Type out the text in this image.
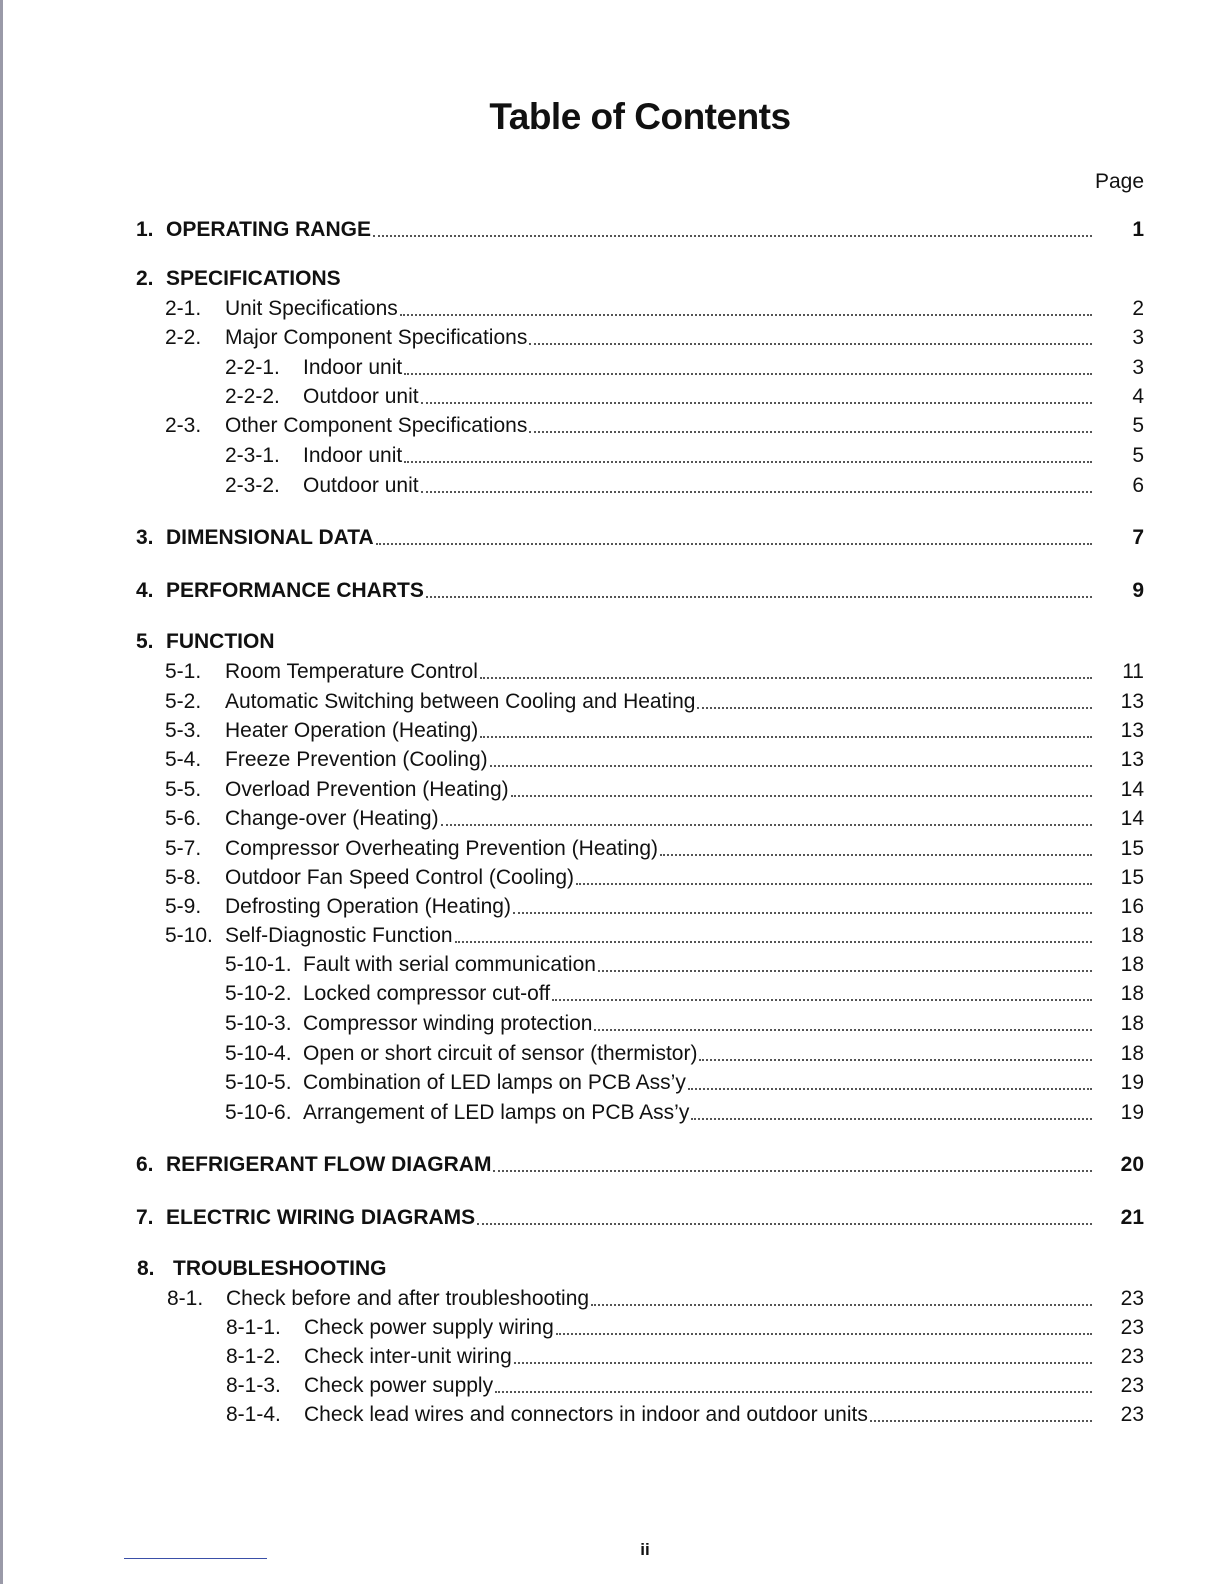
Table of Contents
Page
1. OPERATING RANGE	1
2. SPECIFICATIONS
2-1.	Unit Specifications	2
2-2.	Major Component Specifications	3
2-2-1.	Indoor unit	3
2-2-2.	Outdoor unit	4
2-3.	Other Component Specifications	5
2-3-1.	Indoor unit	5
2-3-2.	Outdoor unit	6
3. DIMENSIONAL DATA	7
4. PERFORMANCE CHARTS	9
5. FUNCTION
5-1.	Room Temperature Control	11
5-2.	Automatic Switching between Cooling and Heating	13
5-3.	Heater Operation (Heating)	13
5-4.	Freeze Prevention (Cooling)	13
5-5.	Overload Prevention (Heating)	14
5-6.	Change-over (Heating)	14
5-7.	Compressor Overheating Prevention (Heating)	15
5-8.	Outdoor Fan Speed Control (Cooling)	15
5-9.	Defrosting Operation (Heating)	16
5-10. Self-Diagnostic Function	18
5-10-1. Fault with serial communication	18
5-10-2. Locked compressor cut-off	18
5-10-3. Compressor winding protection	18
5-10-4. Open or short circuit of sensor (thermistor)	18
5-10-5. Combination of LED lamps on PCB Ass’y	19
5-10-6. Arrangement of LED lamps on PCB Ass’y	19
6. REFRIGERANT FLOW DIAGRAM	20
7. ELECTRIC WIRING DIAGRAMS	21
8. TROUBLESHOOTING
8-1.	Check before and after troubleshooting	23
8-1-1.	Check power supply wiring	23
8-1-2.	Check inter-unit wiring	23
8-1-3.	Check power supply	23
8-1-4.	Check lead wires and connectors in indoor and outdoor units	23
ii
